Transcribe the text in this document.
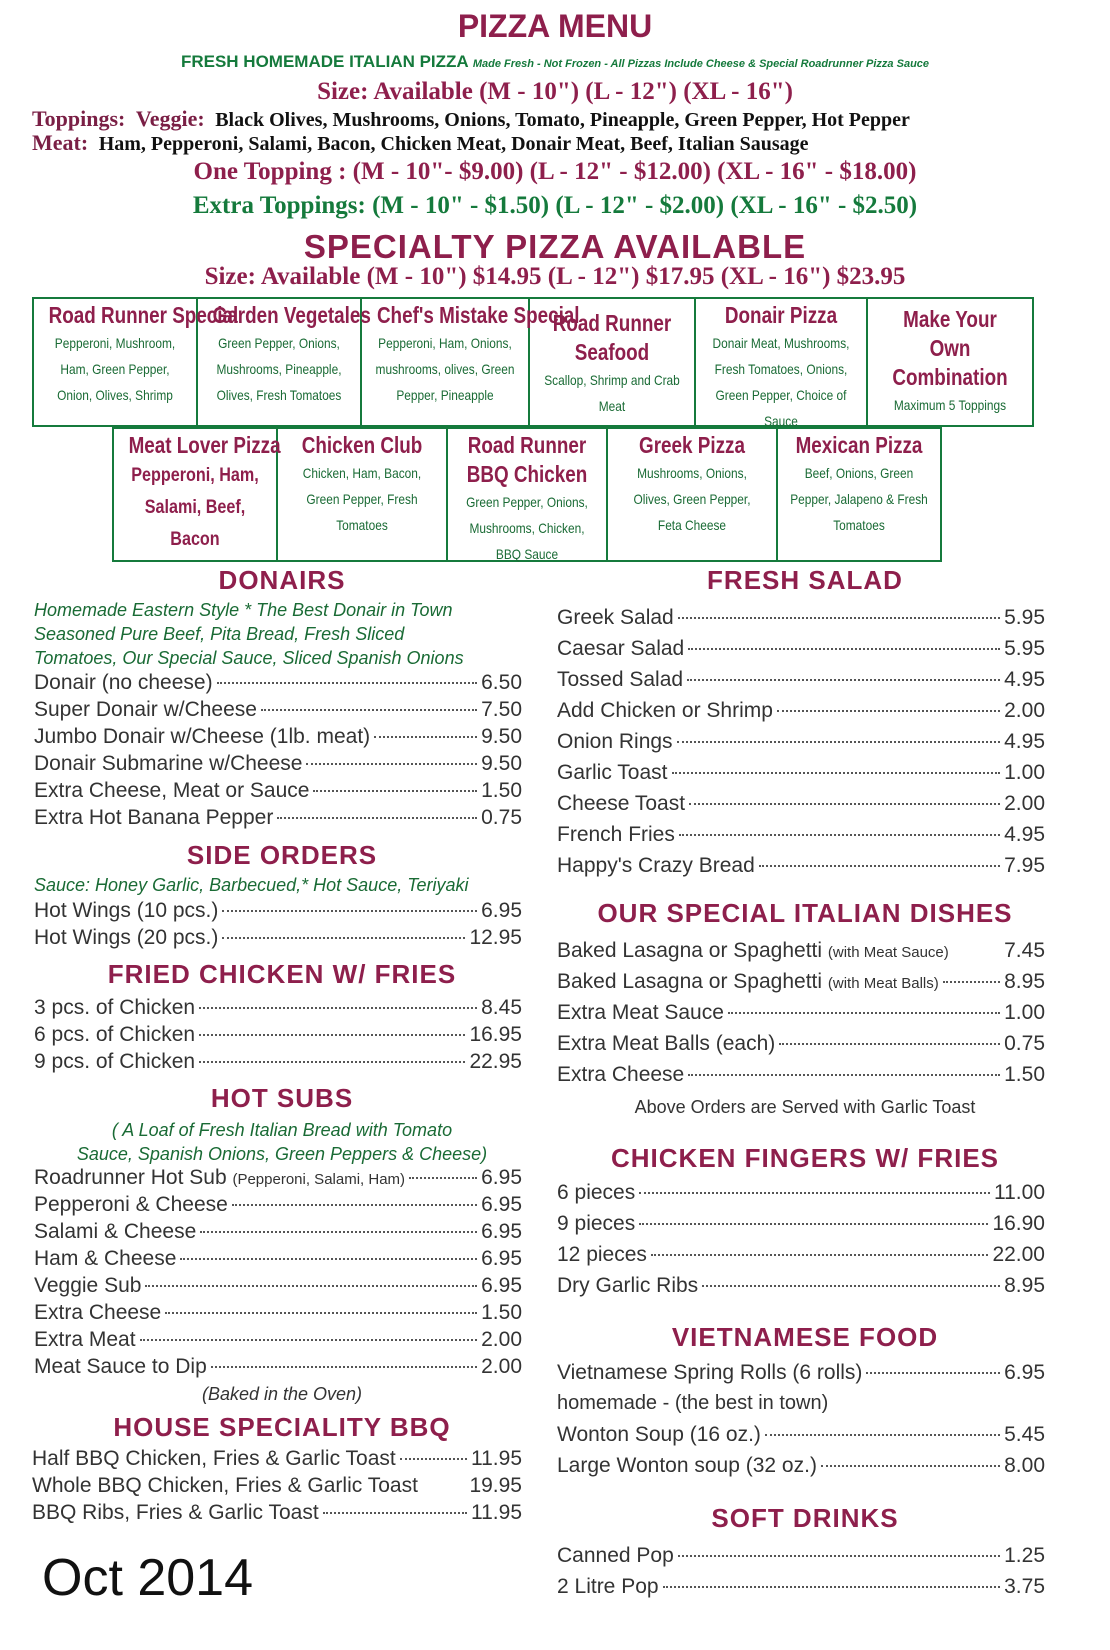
PIZZA MENU
FRESH HOMEMADE ITALIAN PIZZA Made Fresh - Not Frozen - All Pizzas Include Cheese & Special Roadrunner Pizza Sauce
Size: Available (M - 10") (L - 12") (XL - 16")
Toppings: Veggie: Black Olives, Mushrooms, Onions, Tomato, Pineapple, Green Pepper, Hot Pepper
Meat: Ham, Pepperoni, Salami, Bacon, Chicken Meat, Donair Meat, Beef, Italian Sausage
One Topping : (M - 10"- $9.00) (L - 12" - $12.00) (XL - 16" - $18.00)
Extra Toppings: (M - 10" - $1.50) (L - 12" - $2.00) (XL - 16" - $2.50)
SPECIALTY PIZZA AVAILABLE
Size: Available (M - 10") $14.95 (L - 12") $17.95 (XL - 16") $23.95
Road Runner Special
Pepperoni, Mushroom, Ham, Green Pepper, Onion, Olives, Shrimp
Garden Vegetales
Green Pepper, Onions, Mushrooms, Pineapple, Olives, Fresh Tomatoes
Chef's Mistake Special
Pepperoni, Ham, Onions, mushrooms, olives, Green Pepper, Pineapple
Road Runner Seafood
Scallop, Shrimp and Crab Meat
Donair Pizza
Donair Meat, Mushrooms, Fresh Tomatoes, Onions, Green Pepper, Choice of Sauce
Make Your Own Combination
Maximum 5 Toppings
Meat Lover Pizza
Pepperoni, Ham, Salami, Beef, Bacon
Chicken Club
Chicken, Ham, Bacon, Green Pepper, Fresh Tomatoes
Road Runner BBQ Chicken
Green Pepper, Onions, Mushrooms, Chicken, BBQ Sauce
Greek Pizza
Mushrooms, Onions, Olives, Green Pepper, Feta Cheese
Mexican Pizza
Beef, Onions, Green Pepper, Jalapeno & Fresh Tomatoes
DONAIRS
Homemade Eastern Style * The Best Donair in Town
Seasoned Pure Beef, Pita Bread, Fresh Sliced
Tomatoes, Our Special Sauce, Sliced Spanish Onions
Donair (no cheese)	6.50
Super Donair w/Cheese	7.50
Jumbo Donair w/Cheese (1lb. meat)	9.50
Donair Submarine w/Cheese	9.50
Extra Cheese, Meat or Sauce	1.50
Extra Hot Banana Pepper	0.75
SIDE ORDERS
Sauce: Honey Garlic, Barbecued,* Hot Sauce, Teriyaki
Hot Wings (10 pcs.)	6.95
Hot Wings (20 pcs.)	12.95
FRIED CHICKEN W/ FRIES
3 pcs. of Chicken	8.45
6 pcs. of Chicken	16.95
9 pcs. of Chicken	22.95
HOT SUBS
( A Loaf of Fresh Italian Bread with Tomato
Sauce, Spanish Onions, Green Peppers & Cheese)
Roadrunner Hot Sub (Pepperoni, Salami, Ham)	6.95
Pepperoni & Cheese	6.95
Salami & Cheese	6.95
Ham & Cheese	6.95
Veggie Sub	6.95
Extra Cheese	1.50
Extra Meat	2.00
Meat Sauce to Dip	2.00
(Baked in the Oven)
HOUSE SPECIALITY BBQ
Half BBQ Chicken, Fries & Garlic Toast	11.95
Whole BBQ Chicken, Fries & Garlic Toast 19.95
BBQ Ribs, Fries & Garlic Toast	11.95
Oct 2014
FRESH SALAD
Greek Salad	5.95
Caesar Salad	5.95
Tossed Salad	4.95
Add Chicken or Shrimp	2.00
Onion Rings	4.95
Garlic Toast	1.00
Cheese Toast	2.00
French Fries	4.95
Happy's Crazy Bread	7.95
OUR SPECIAL ITALIAN DISHES
Baked Lasagna or Spaghetti (with Meat Sauce)	7.45
Baked Lasagna or Spaghetti (with Meat Balls)	8.95
Extra Meat Sauce	1.00
Extra Meat Balls (each)	0.75
Extra Cheese	1.50
Above Orders are Served with Garlic Toast
CHICKEN FINGERS W/ FRIES
6 pieces	11.00
9 pieces	16.90
12 pieces	22.00
Dry Garlic Ribs	8.95
VIETNAMESE FOOD
Vietnamese Spring Rolls (6 rolls)	6.95
homemade - (the best in town)
Wonton Soup (16 oz.)	5.45
Large Wonton soup (32 oz.)	8.00
SOFT DRINKS
Canned Pop	1.25
2 Litre Pop	3.75
